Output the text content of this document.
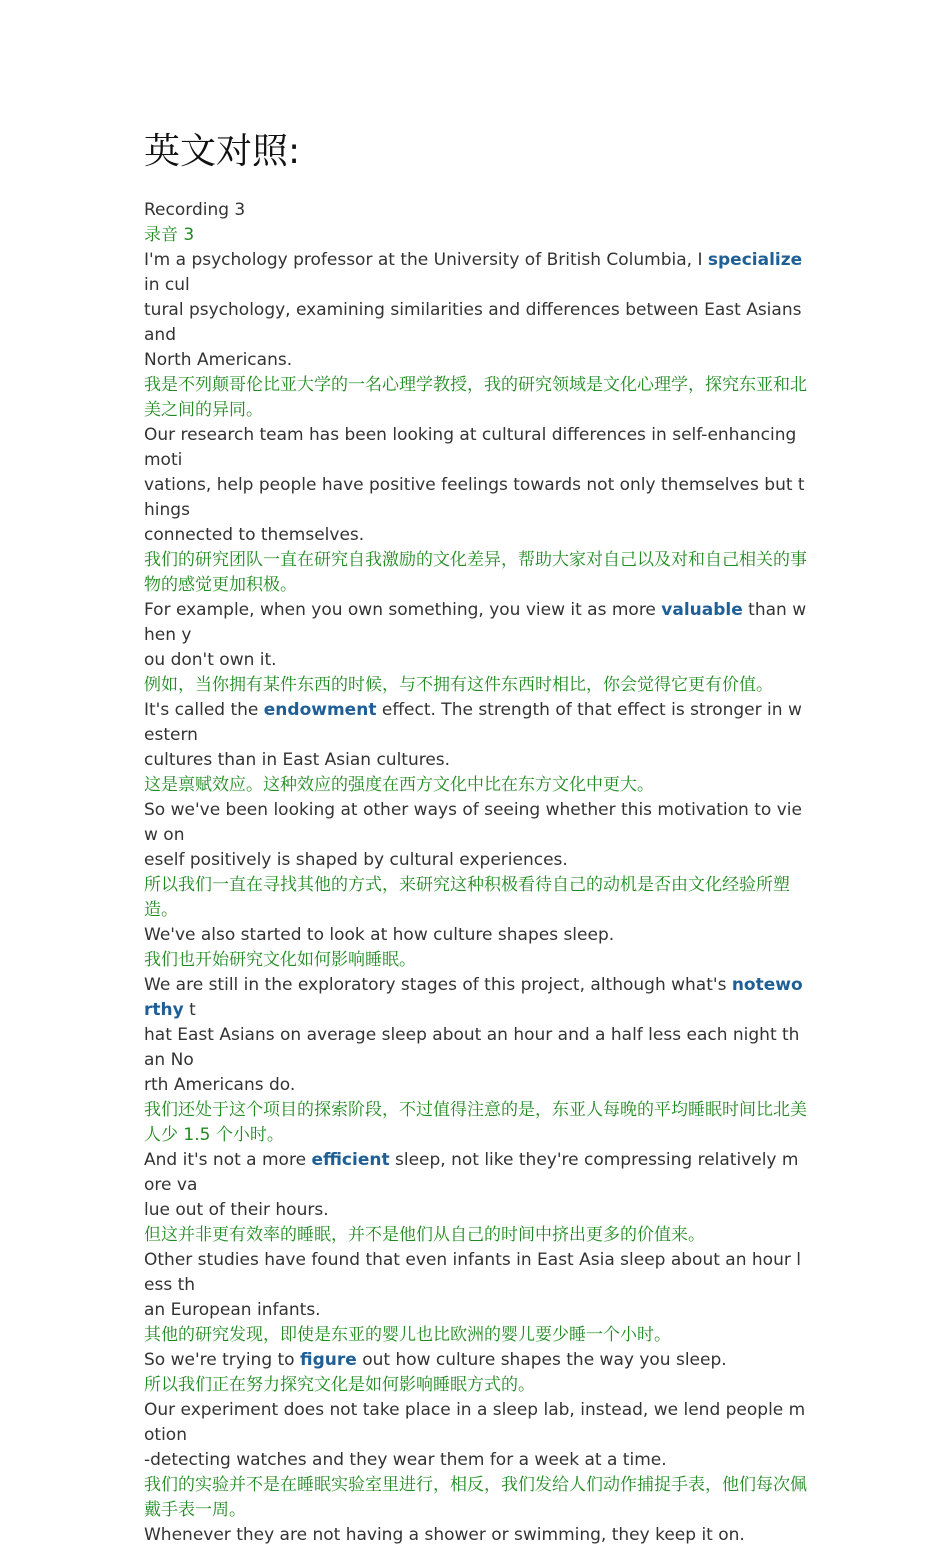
英文对照:
Recording 3
录音 3
I'm a psychology professor at the University of British Columbia, I specialize in cul
tural psychology, examining similarities and differences between East Asians and
North Americans.
我是不列颠哥伦比亚大学的一名心理学教授，我的研究领域是文化心理学，探究东亚和北
美之间的异同。
Our research team has been looking at cultural differences in self-enhancing moti
vations, help people have positive feelings towards not only themselves but things
connected to themselves.
我们的研究团队一直在研究自我激励的文化差异，帮助大家对自己以及对和自己相关的事
物的感觉更加积极。
For example, when you own something, you view it as more valuable than when y
ou don't own it.
例如，当你拥有某件东西的时候，与不拥有这件东西时相比，你会觉得它更有价值。
It's called the endowment effect. The strength of that effect is stronger in western
cultures than in East Asian cultures.
这是禀赋效应。这种效应的强度在西方文化中比在东方文化中更大。
So we've been looking at other ways of seeing whether this motivation to view on
eself positively is shaped by cultural experiences.
所以我们一直在寻找其他的方式，来研究这种积极看待自己的动机是否由文化经验所塑造。
We've also started to look at how culture shapes sleep.
我们也开始研究文化如何影响睡眠。
We are still in the exploratory stages of this project, although what's noteworthy t
hat East Asians on average sleep about an hour and a half less each night than No
rth Americans do.
我们还处于这个项目的探索阶段，不过值得注意的是，东亚人每晚的平均睡眠时间比北美
人少 1.5 个小时。
And it's not a more efficient sleep, not like they're compressing relatively more va
lue out of their hours.
但这并非更有效率的睡眠，并不是他们从自己的时间中挤出更多的价值来。
Other studies have found that even infants in East Asia sleep about an hour less th
an European infants.
其他的研究发现，即使是东亚的婴儿也比欧洲的婴儿要少睡一个小时。
So we're trying to figure out how culture shapes the way you sleep.
所以我们正在努力探究文化是如何影响睡眠方式的。
Our experiment does not take place in a sleep lab, instead, we lend people motion
-detecting watches and they wear them for a week at a time.
我们的实验并不是在睡眠实验室里进行，相反，我们发给人们动作捕捉手表，他们每次佩
戴手表一周。
Whenever they are not having a shower or swimming, they keep it on.
